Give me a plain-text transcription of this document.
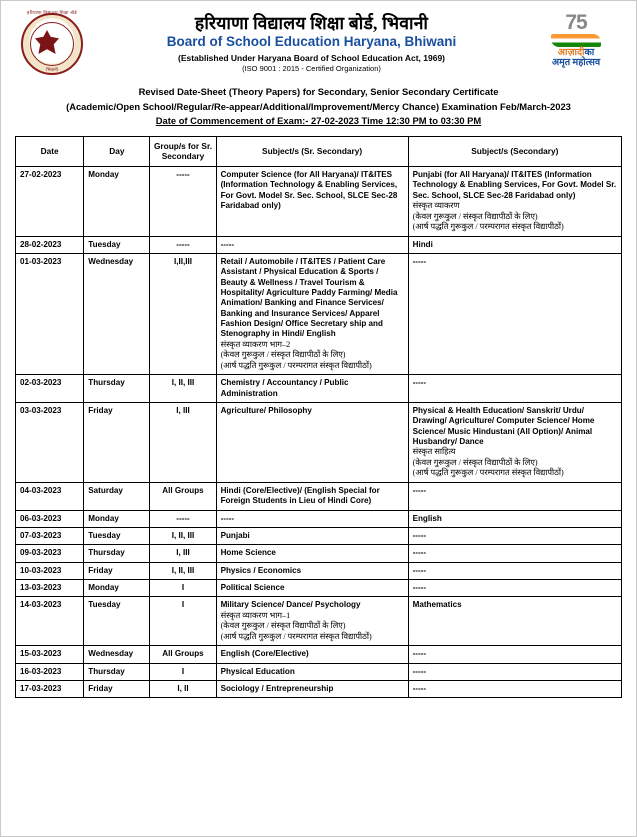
हरियाणा विद्यालय शिक्षा बोर्ड
भिवानी
हरियाणा विद्यालय शिक्षा बोर्ड, भिवानी
Board of School Education Haryana, Bhiwani
(Established Under Haryana Board of School Education Act, 1969)
(ISO 9001 : 2015 - Certified Organization)
75
आज़ादीका
अमृत महोत्सव
Revised Date-Sheet (Theory Papers) for Secondary, Senior Secondary Certificate
(Academic/Open School/Regular/Re-appear/Additional/Improvement/Mercy Chance) Examination Feb/March-2023
Date of Commencement of Exam:- 27-02-2023 Time 12:30 PM to 03:30 PM
Date	Day	Group/s for Sr. Secondary	Subject/s (Sr. Secondary)	Subject/s (Secondary)
27-02-2023	Monday	-----	Computer Science (for All Haryana)/ IT&ITES (Information Technology & Enabling Services, For Govt. Model Sr. Sec. School, SLCE Sec-28 Faridabad only)	Punjabi (for All Haryana)/ IT&ITES (Information Technology & Enabling Services, For Govt. Model Sr. Sec. School, SLCE Sec-28 Faridabad only)
संस्कृत व्याकरण
(केवल गुरूकुल / संस्कृत विद्यापीठों के लिए)
(आर्ष पद्धति गुरूकुल / परम्परागत संस्कृत विद्यापीठों)

28-02-2023	Tuesday	-----	-----	Hindi
01-03-2023	Wednesday	I,II,III	Retail / Automobile / IT&ITES / Patient Care Assistant / Physical Education & Sports / Beauty & Wellness / Travel Tourism & Hospitality/ Agriculture Paddy Farming/ Media Animation/ Banking and Finance Services/ Banking and Insurance Services/ Apparel Fashion Design/ Office Secretary ship and Stenography in Hindi/ English
संस्कृत व्याकरण भाग–2
(केवल गुरूकुल / संस्कृत विद्यापीठों के लिए)
(आर्ष पद्धति गुरूकुल / परम्परागत संस्कृत विद्यापीठों)	-----
02-03-2023	Thursday	I, II, III	Chemistry / Accountancy / Public Administration	-----
03-03-2023	Friday	I, III	Agriculture/ Philosophy	Physical & Health Education/ Sanskrit/ Urdu/ Drawing/ Agriculture/ Computer Science/ Home Science/ Music Hindustani (All Option)/ Animal Husbandry/ Dance
संस्कृत साहित्य
(केवल गुरूकुल / संस्कृत विद्यापीठों के लिए)
(आर्ष पद्धति गुरूकुल / परम्परागत संस्कृत विद्यापीठों)

04-03-2023	Saturday	All Groups	Hindi (Core/Elective)/ (English Special for Foreign Students in Lieu of Hindi Core)	-----
06-03-2023	Monday	-----	-----	English
07-03-2023	Tuesday	I, II, III	Punjabi	-----
09-03-2023	Thursday	I, III	Home Science	-----
10-03-2023	Friday	I, II, III	Physics / Economics	-----
13-03-2023	Monday	I	Political Science	-----
14-03-2023	Tuesday	I	Military Science/ Dance/ Psychology
संस्कृत व्याकरण भाग–1
(केवल गुरूकुल / संस्कृत विद्यापीठों के लिए)
(आर्ष पद्धति गुरूकुल / परम्परागत संस्कृत विद्यापीठों)	Mathematics
15-03-2023	Wednesday	All Groups	English (Core/Elective)	-----
16-03-2023	Thursday	I	Physical Education	-----
17-03-2023	Friday	I, II	Sociology / Entrepreneurship	-----
